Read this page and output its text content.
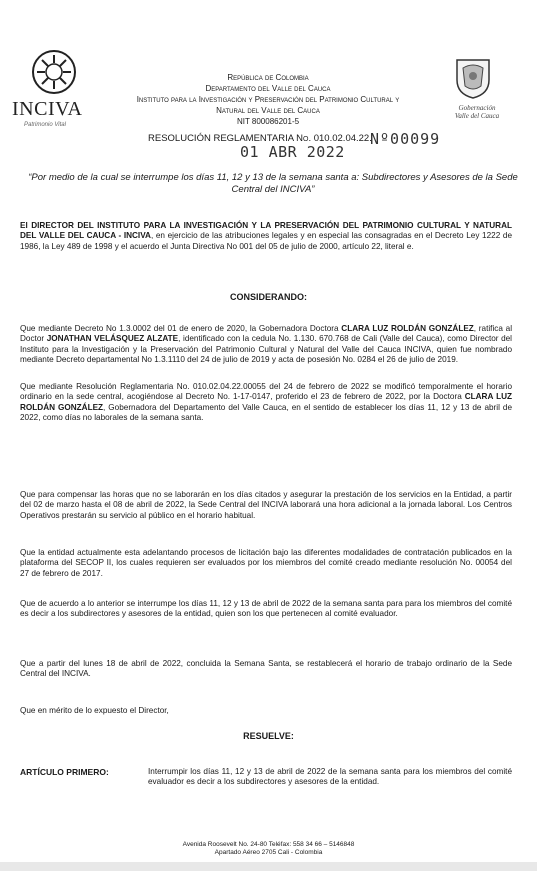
INCIVA
Patrimonio Vital
Gobernación
Valle del Cauca
República de Colombia
Departamento del Valle del Cauca
Instituto para la Investigación y Preservación del Patrimonio Cultural y
Natural del Valle del Cauca
NIT 800086201-5
RESOLUCIÓN REGLAMENTARIA No. 010.02.04.22.
Nº00099
01 ABR 2022
“Por medio de la cual se interrumpe los días 11, 12 y 13 de la semana santa a: Subdirectores y Asesores de la Sede Central del INCIVA”
El DIRECTOR DEL INSTITUTO PARA LA INVESTIGACIÓN Y LA PRESERVACIÓN DEL PATRIMONIO CULTURAL Y NATURAL DEL VALLE DEL CAUCA - INCIVA, en ejercicio de las atribuciones legales y en especial las consagradas en el Decreto Ley 1222 de 1986, la Ley 489 de 1998 y el acuerdo el Junta Directiva No 001 del 05 de julio de 2000, artículo 22, literal e.
CONSIDERANDO:
Que mediante Decreto No 1.3.0002 del 01 de enero de 2020, la Gobernadora Doctora CLARA LUZ ROLDÁN GONZÁLEZ, ratifica al Doctor JONATHAN VELÁSQUEZ ALZATE, identificado con la cedula No. 1.130. 670.768 de Cali (Valle del Cauca), como Director del Instituto para la Investigación y la Preservación del Patrimonio Cultural y Natural del Valle del Cauca INCIVA, quien fue nombrado mediante Decreto departamental No 1.3.1110 del 24 de julio de 2019 y acta de posesión No. 0284 el 26 de julio de 2019.
Que mediante Resolución Reglamentaria No. 010.02.04.22.00055 del 24 de febrero de 2022 se modificó temporalmente el horario ordinario en la sede central, acogiéndose al Decreto No. 1-17-0147, proferido el 23 de febrero de 2022, por la Doctora CLARA LUZ ROLDÁN GONZÁLEZ, Gobernadora del Departamento del Valle Cauca, en el sentido de establecer los días 11, 12 y 13 de abril de 2022, como días no laborales de la semana santa.
Que para compensar las horas que no se laborarán en los días citados y asegurar la prestación de los servicios en la Entidad, a partir del 02 de marzo hasta el 08 de abril de 2022, la Sede Central del INCIVA laborará una hora adicional a la jornada laboral. Los Centros Operativos prestarán su servicio al público en el horario habitual.
Que la entidad actualmente esta adelantando procesos de licitación bajo las diferentes modalidades de contratación publicados en la plataforma del SECOP II, los cuales requieren ser evaluados por los miembros del comité creado mediante resolución No. 00054 del 27 de febrero de 2017.
Que de acuerdo a lo anterior se interrumpe los días 11, 12 y 13 de abril de 2022 de la semana santa para para los miembros del comité es decir a los subdirectores y asesores de la entidad, quien son los que pertenecen al comité evaluador.
Que a partir del lunes 18 de abril de 2022, concluida la Semana Santa, se restablecerá el horario de trabajo ordinario de la Sede Central del INCIVA.
Que en mérito de lo expuesto el Director,
RESUELVE:
ARTÍCULO PRIMERO:	Interrumpir los días 11, 12 y 13 de abril de 2022 de la semana santa para los miembros del comité evaluador es decir a los subdirectores y asesores de la entidad.
Avenida Roosevelt No. 24-80 Teléfax: 558 34 66 – 5146848
Apartado Aéreo 2705 Cali - Colombia
